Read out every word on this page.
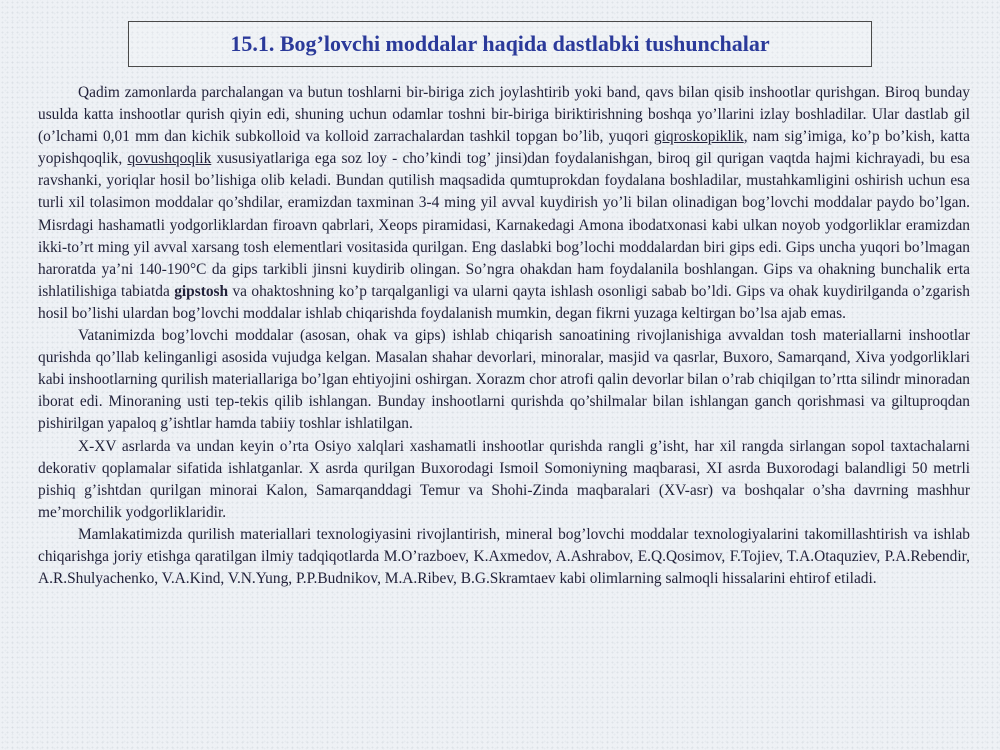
15.1. Bog’lovchi moddalar haqida dastlabki tushunchalar

Qadim zamonlarda parchalangan va butun toshlarni bir-biriga zich joylashtirib yoki band, qavs bilan qisib inshootlar qurishgan. Biroq bunday usulda katta inshootlar qurish qiyin edi, shuning uchun odamlar toshni bir-biriga biriktirishning boshqa yo’llarini izlay boshladilar. Ular dastlab gil (o’lchami 0,01 mm dan kichik subkolloid va kolloid zarrachalardan tashkil topgan bo’lib, yuqori giqroskopiklik, nam sig’imiga, ko’p bo’kish, katta yopishqoqlik, qovushqoqlik xususiyatlariga ega soz loy - cho’kindi tog’ jinsi)dan foydalanishgan, biroq gil qurigan vaqtda hajmi kichrayadi, bu esa ravshanki, yoriqlar hosil bo’lishiga olib keladi. Bundan qutilish maqsadida qumtuprokdan foydalana boshladilar, mustahkamligini oshirish uchun esa turli xil tolasimon moddalar qo’shdilar, eramizdan taxminan 3-4 ming yil avval kuydirish yo’li bilan olinadigan bog’lovchi moddalar paydo bo’lgan. Misrdagi hashamatli yodgorliklardan firoavn qabrlari, Xeops piramidasi, Karnakedagi Amona ibodatxonasi kabi ulkan noyob yodgorliklar eramizdan ikki-to’rt ming yil avval xarsang tosh elementlari vositasida qurilgan. Eng daslabki bog’lochi moddalardan biri gips edi. Gips uncha yuqori bo’lmagan haroratda ya’ni 140-190°C da gips tarkibli jinsni kuydirib olingan. So’ngra ohakdan ham foydalanila boshlangan. Gips va ohakning bunchalik erta ishlatilishiga tabiatda gipstosh va ohaktoshning ko’p tarqalganligi va ularni qayta ishlash osonligi sabab bo’ldi. Gips va ohak kuydirilganda o’zgarish hosil bo’lishi ulardan bog’lovchi moddalar ishlab chiqarishda foydalanish mumkin, degan fikrni yuzaga keltirgan bo’lsa ajab emas.

Vatanimizda bog’lovchi moddalar (asosan, ohak va gips) ishlab chiqarish sanoatining rivojlanishiga avvaldan tosh materiallarni inshootlar qurishda qo’llab kelinganligi asosida vujudga kelgan. Masalan shahar devorlari, minoralar, masjid va qasrlar, Buxoro, Samarqand, Xiva yodgorliklari kabi inshootlarning qurilish materiallariga bo’lgan ehtiyojini oshirgan. Xorazm chor atrofi qalin devorlar bilan o’rab chiqilgan to’rtta silindr minoradan iborat edi. Minoraning usti tep-tekis qilib ishlangan. Bunday inshootlarni qurishda qo’shilmalar bilan ishlangan ganch qorishmasi va giltuproqdan pishirilgan yapaloq g’ishtlar hamda tabiiy toshlar ishlatilgan.

X-XV asrlarda va undan keyin o’rta Osiyo xalqlari xashamatli inshootlar qurishda rangli g’isht, har xil rangda sirlangan sopol taxtachalarni dekorativ qoplamalar sifatida ishlatganlar. X asrda qurilgan Buxorodagi Ismoil Somoniyning maqbarasi, XI asrda Buxorodagi balandligi 50 metrli pishiq g’ishtdan qurilgan minorai Kalon, Samarqanddagi Temur va Shohi-Zinda maqbaralari (XV-asr) va boshqalar o’sha davrning mashhur me’morchilik yodgorliklaridir.

Mamlakatimizda qurilish materiallari texnologiyasini rivojlantirish, mineral bog’lovchi moddalar texnologiyalarini takomillashtirish va ishlab chiqarishga joriy etishga qaratilgan ilmiy tadqiqotlarda M.O’razboev, K.Axmedov, A.Ashrabov, E.Q.Qosimov, F.Tojiev, T.A.Otaquziev, P.A.Rebendir, A.R.Shulyachenko, V.A.Kind, V.N.Yung, P.P.Budnikov, M.A.Ribev, B.G.Skramtaev kabi olimlarning salmoqli hissalarini ehtirof etiladi.
